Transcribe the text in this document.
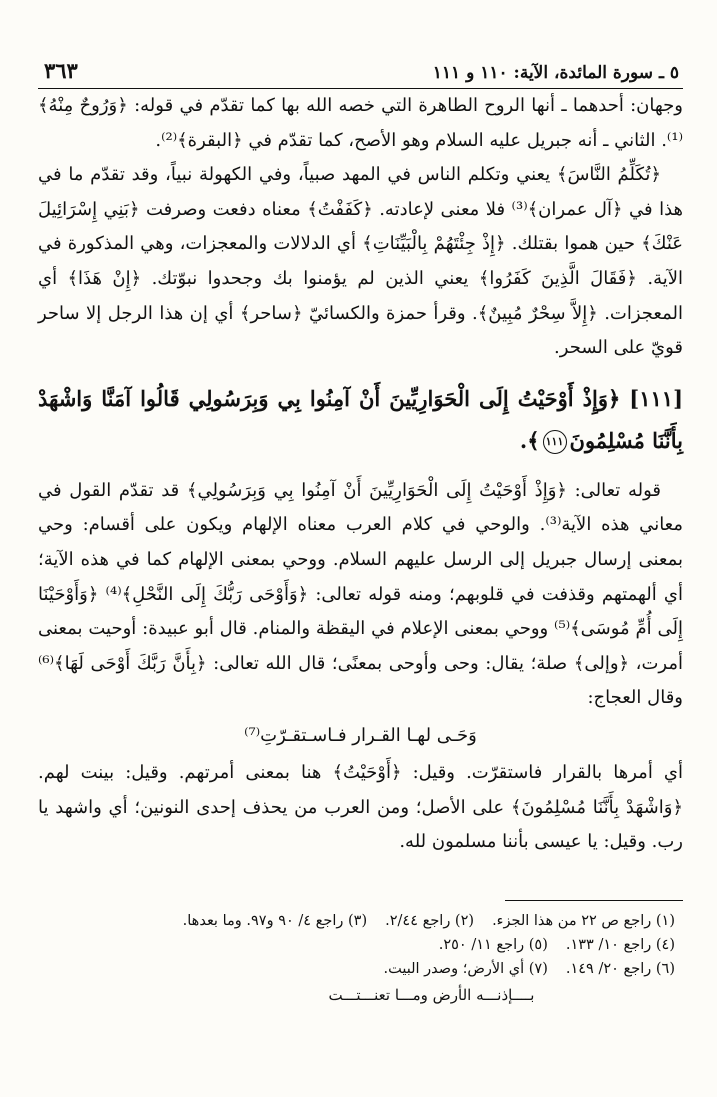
٥ ـ سورة المائدة، الآية: ١١٠ و ١١١
٣٦٣

وجهان: أحدهما ـ أنها الروح الطاهرة التي خصه الله بها كما تقدّم في قوله: ﴿وَرُوحٌ مِنْهُ﴾⁽¹⁾. الثاني ـ أنه جبريل عليه السلام وهو الأصح، كما تقدّم في ﴿البقرة﴾⁽²⁾.

﴿تُكَلِّمُ النَّاسَ﴾ يعني وتكلم الناس في المهد صبياً، وفي الكهولة نبياً، وقد تقدّم ما في هذا في ﴿آل عمران﴾⁽³⁾ فلا معنى لإعادته. ﴿كَفَفْتُ﴾ معناه دفعت وصرفت ﴿بَنِي إِسْرَائِيلَ عَنْكَ﴾ حين هموا بقتلك. ﴿إِذْ جِئْتَهُمْ بِالْبَيِّنَاتِ﴾ أي الدلالات والمعجزات، وهي المذكورة في الآية. ﴿فَقَالَ الَّذِينَ كَفَرُوا﴾ يعني الذين لم يؤمنوا بك وجحدوا نبوّتك. ﴿إِنْ هَذَا﴾ أي المعجزات. ﴿إِلاَّ سِحْرٌ مُبِينٌ﴾. وقرأ حمزة والكسائيّ ﴿ساحر﴾ أي إن هذا الرجل إلا ساحر قويّ على السحر.

[١١١] ﴿وَإِذْ أَوْحَيْتُ إِلَى الْحَوَارِيِّينَ أَنْ آمِنُوا بِي وَبِرَسُولِي قَالُوا آمَنَّا وَاشْهَدْ بِأَنَّنَا مُسْلِمُونَ١١١﴾.

قوله تعالى: ﴿وَإِذْ أَوْحَيْتُ إِلَى الْحَوَارِيِّينَ أَنْ آمِنُوا بِي وَبِرَسُولِي﴾ قد تقدّم القول في معاني هذه الآية⁽³⁾. والوحي في كلام العرب معناه الإلهام ويكون على أقسام: وحي بمعنى إرسال جبريل إلى الرسل عليهم السلام. ووحي بمعنى الإلهام كما في هذه الآية؛ أي ألهمتهم وقذفت في قلوبهم؛ ومنه قوله تعالى: ﴿وَأَوْحَى رَبُّكَ إِلَى النَّحْلِ﴾⁽⁴⁾ ﴿وَأَوْحَيْنَا إِلَى أُمِّ مُوسَى﴾⁽⁵⁾ ووحي بمعنى الإعلام في اليقظة والمنام. قال أبو عبيدة: أوحيت بمعنى أمرت، ﴿وإلى﴾ صلة؛ يقال: وحى وأوحى بمعنًى؛ قال الله تعالى: ﴿بِأَنَّ رَبَّكَ أَوْحَى لَهَا﴾⁽⁶⁾ وقال العجاج:

وَحَـى لهـا القـرار فـاسـتقـرّتِ⁽⁷⁾

أي أمرها بالقرار فاستقرّت. وقيل: ﴿أَوْحَيْتُ﴾ هنا بمعنى أمرتهم. وقيل: بينت لهم. ﴿وَاشْهَدْ بِأَنَّنَا مُسْلِمُونَ﴾ على الأصل؛ ومن العرب من يحذف إحدى النونين؛ أي واشهد يا رب. وقيل: يا عيسى بأننا مسلمون لله.

(١) راجع ص ٢٢ من هذا الجزء.
(٢) راجع ٢/٤٤.
(٣) راجع ٤/ ٩٠ و٩٧. وما بعدها.
(٤) راجع ١٠/ ١٣٣.
(٥) راجع ١١/ ٢٥٠.
(٦) راجع ٢٠/ ١٤٩.
(٧) أي الأرض؛ وصدر البيت.
بــــإذنـــه الأرض ومـــا تعنـــتـــت
